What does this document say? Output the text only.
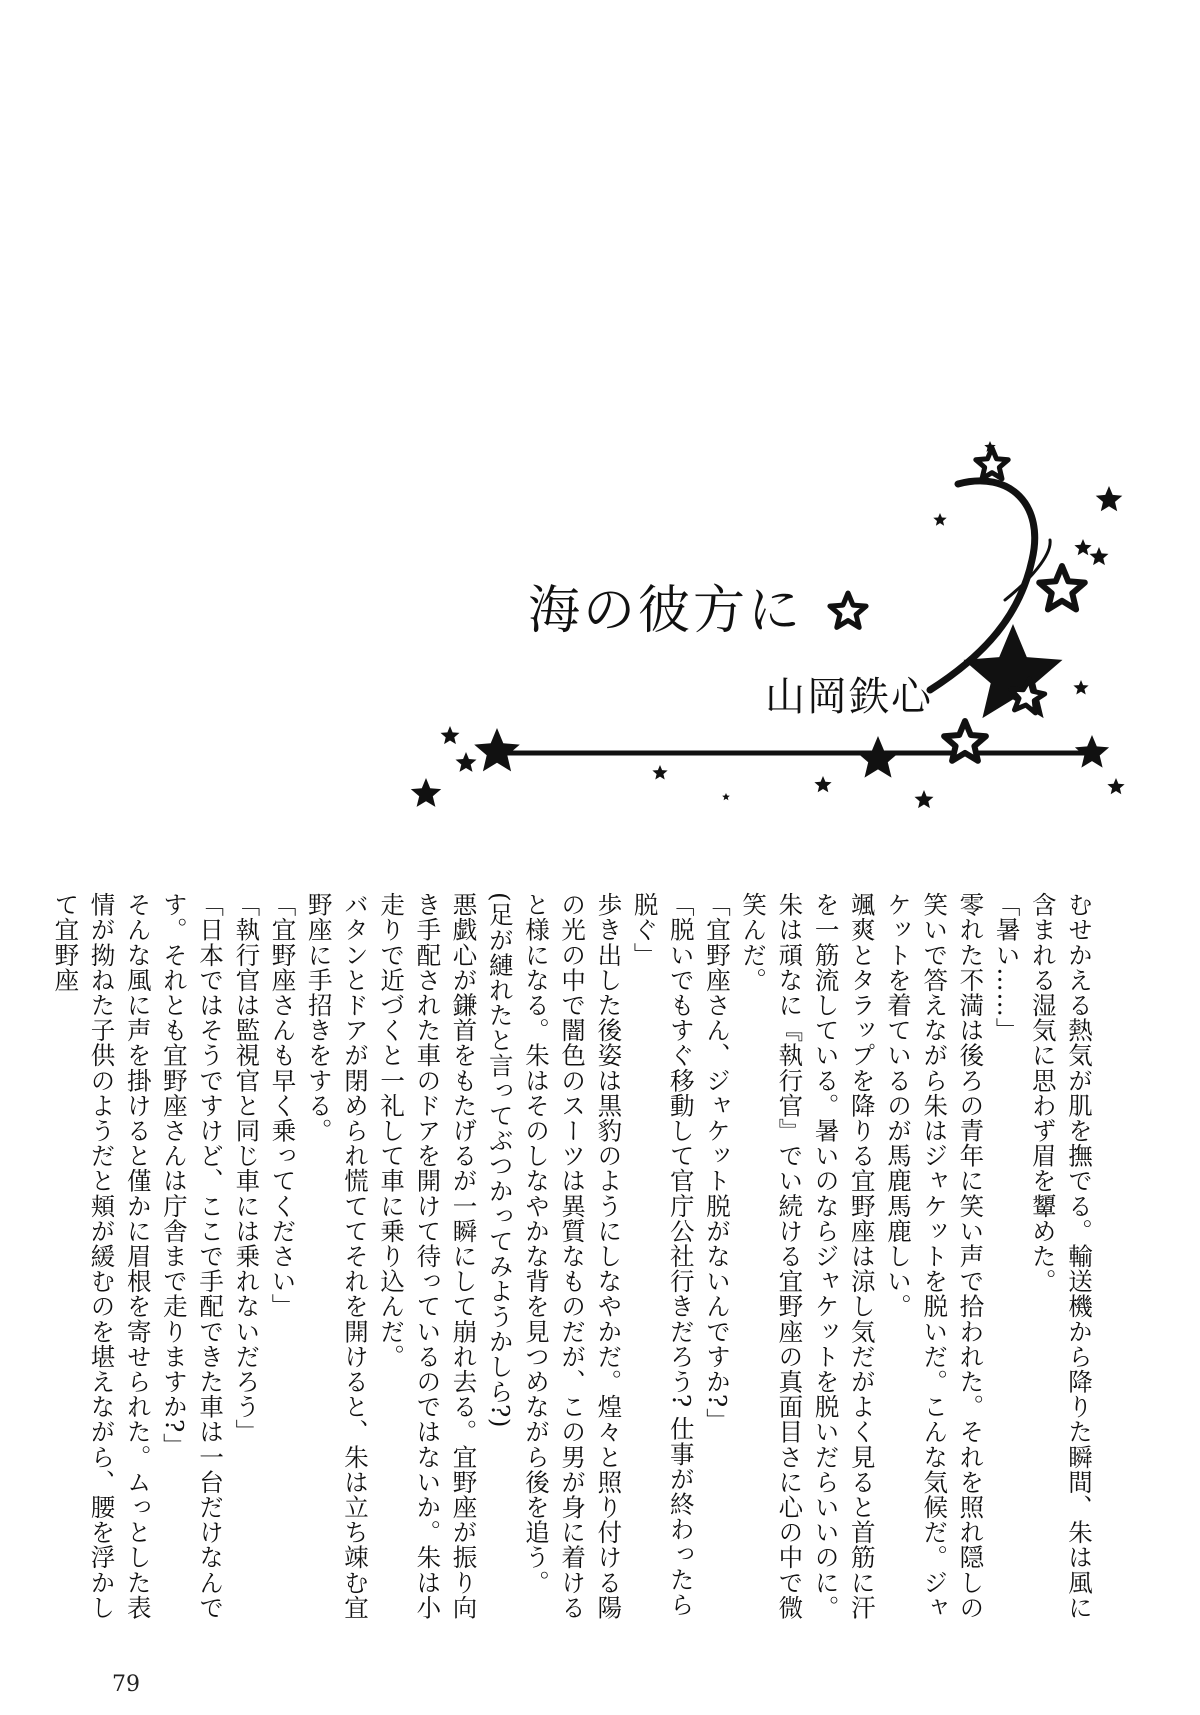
海の彼方に
山岡鉄心

むせかえる熱気が肌を撫でる。輸送機から降りた瞬間、朱は風に含まれる湿気に思わず眉を顰めた。

「暑い……」

零れた不満は後ろの青年に笑い声で拾われた。それを照れ隠しの笑いで答えながら朱はジャケットを脱いだ。こんな気候だ。ジャケットを着ているのが馬鹿馬鹿しい。

颯爽とタラップを降りる宜野座は涼し気だがよく見ると首筋に汗を一筋流している。暑いのならジャケットを脱いだらいいのに。朱は頑なに『執行官』でい続ける宜野座の真面目さに心の中で微笑んだ。

「宜野座さん、ジャケット脱がないんですか?」

「脱いでもすぐ移動して官庁公社行きだろう? 仕事が終わったら脱ぐ」

歩き出した後姿は黒豹のようにしなやかだ。煌々と照り付ける陽の光の中で闇色のスーツは異質なものだが、この男が身に着けると様になる。朱はそのしなやかな背を見つめながら後を追う。

(足が縺れたと言ってぶつかってみようかしら?)

悪戯心が鎌首をもたげるが一瞬にして崩れ去る。宜野座が振り向き手配された車のドアを開けて待っているのではないか。朱は小走りで近づくと一礼して車に乗り込んだ。

バタンとドアが閉められ慌ててそれを開けると、朱は立ち竦む宜野座に手招きをする。

「宜野座さんも早く乗ってください」

「執行官は監視官と同じ車には乗れないだろう」

「日本ではそうですけど、ここで手配できた車は一台だけなんです。それとも宜野座さんは庁舎まで走りますか?」

そんな風に声を掛けると僅かに眉根を寄せられた。ムっとした表情が拗ねた子供のようだと頬が緩むのを堪えながら、腰を浮かして宜野座

79
